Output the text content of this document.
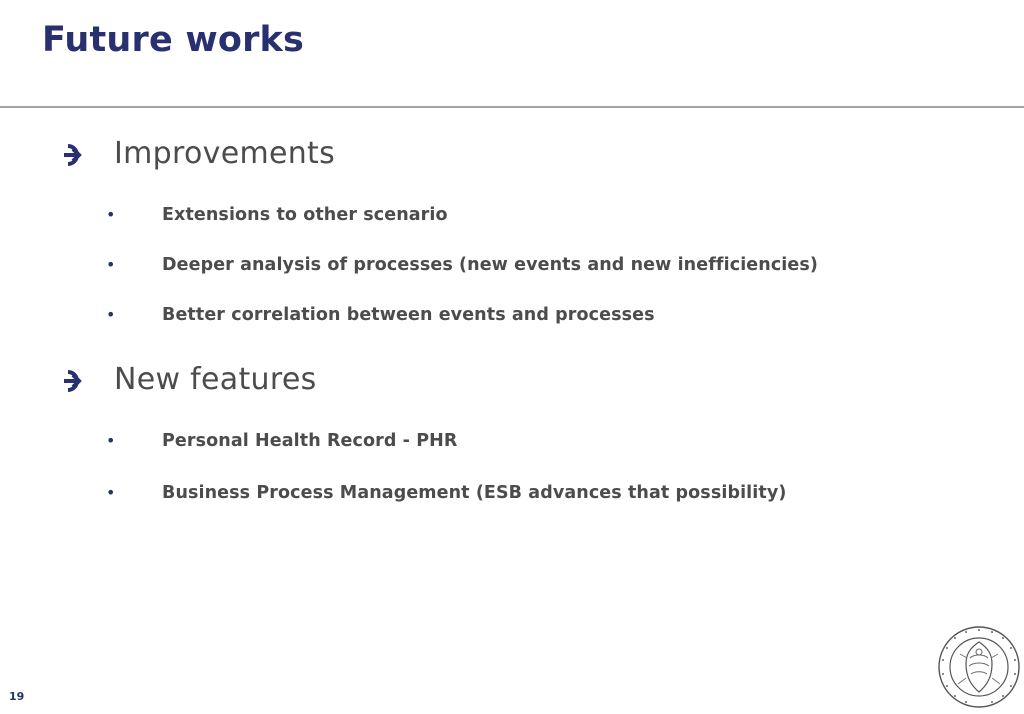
Future works
Improvements
•	Extensions to other scenario
•	Deeper analysis of processes (new events and new inefficiencies)
•	Better correlation between events and processes
New features
•	Personal Health Record - PHR
•	Business Process Management (ESB advances that possibility)
19
